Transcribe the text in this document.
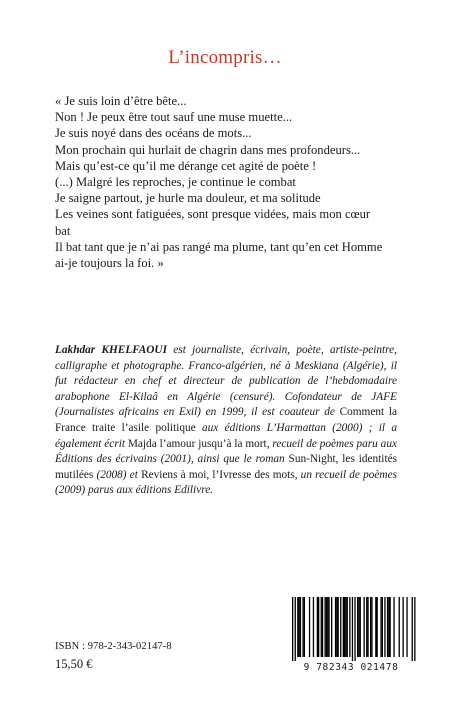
L’incompris…
« Je suis loin d’être bête...
Non ! Je peux être tout sauf une muse muette...
Je suis noyé dans des océans de mots...
Mon prochain qui hurlait de chagrin dans mes profondeurs...
Mais qu’est-ce qu’il me dérange cet agité de poète !
(...) Malgré les reproches, je continue le combat
Je saigne partout, je hurle ma douleur, et ma solitude
Les veines sont fatiguées, sont presque vidées, mais mon cœur
bat
Il bat tant que je n’ai pas rangé ma plume, tant qu’en cet Homme
ai-je toujours la foi. »
Lakhdar KHELFAOUI est journaliste, écrivain, poète, artiste-peintre, calligraphe et photographe. Franco-algérien, né à Meskiana (Algérie), il fut rédacteur en chef et directeur de publication de l’hebdomadaire arabophone El-Kilaâ en Algérie (censuré). Cofondateur de JAFE (Journalistes africains en Exil) en 1999, il est coauteur de Comment la France traite l’asile politique aux éditions L’Harmattan (2000) ; il a également écrit Majda l’amour jusqu’à la mort, recueil de poèmes paru aux Éditions des écrivains (2001), ainsi que le roman Sun-Night, les identités mutilées (2008) et Reviens à moi, l’Ivresse des mots, un recueil de poèmes (2009) parus aux éditions Edilivre.
ISBN : 978-2-343-02147-8
15,50 €	9 782343 021478
